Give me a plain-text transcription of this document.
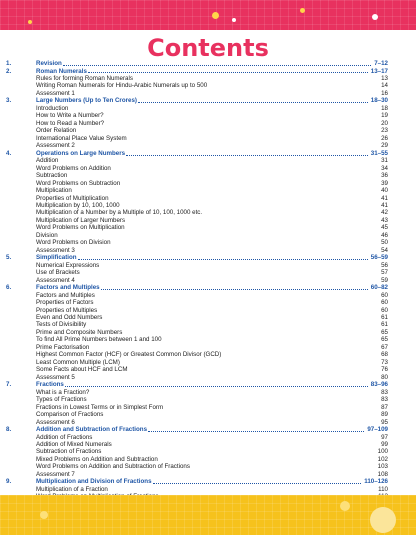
Contents
1.	Revision	7–12
2.	Roman Numerals	13–17
Rules for forming Roman Numerals	13
Writing Roman Numerals for Hindu-Arabic Numerals up to 500	14
Assessment 1	16
3.	Large Numbers (Up to Ten Crores)	18–30
Introduction	18
How to Write a Number?	19
How to Read a Number?	20
Order Relation	23
International Place Value System	26
Assessment 2	29
4.	Operations on Large Numbers	31–55
Addition	31
Word Problems on Addition	34
Subtraction	36
Word Problems on Subtraction	39
Multiplication	40
Properties of Multiplication	41
Multiplication by 10, 100, 1000	41
Multiplication of a Number by a Multiple of 10, 100, 1000 etc.	42
Multiplication of Larger Numbers	43
Word Problems on Multiplication	45
Division	46
Word Problems on Division	50
Assessment 3	54
5.	Simplification	56–59
Numerical Expressions	56
Use of Brackets	57
Assessment 4	59
6.	Factors and Multiples	60–82
Factors and Multiples	60
Properties of Factors	60
Properties of Multiples	60
Even and Odd Numbers	61
Tests of Divisibility	61
Prime and Composite Numbers	65
To find All Prime Numbers between 1 and 100	65
Prime Factorisation	67
Highest Common Factor (HCF) or Greatest Common Divisor (GCD)	68
Least Common Multiple (LCM)	73
Some Facts about HCF and LCM	76
Assessment 5	80
7.	Fractions	83–96
What is a Fraction?	83
Types of Fractions	83
Fractions in Lowest Terms or in Simplest Form	87
Comparison of Fractions	89
Assessment 6	95
8.	Addition and Subtraction of Fractions	97–109
Addition of Fractions	97
Addition of Mixed Numerals	99
Subtraction of Fractions	100
Mixed Problems on Addition and Subtraction	102
Word Problems on Addition and Subtraction of Fractions	103
Assessment 7	108
9.	Multiplication and Division of Fractions	110–126
Multiplication of a Fraction	110
